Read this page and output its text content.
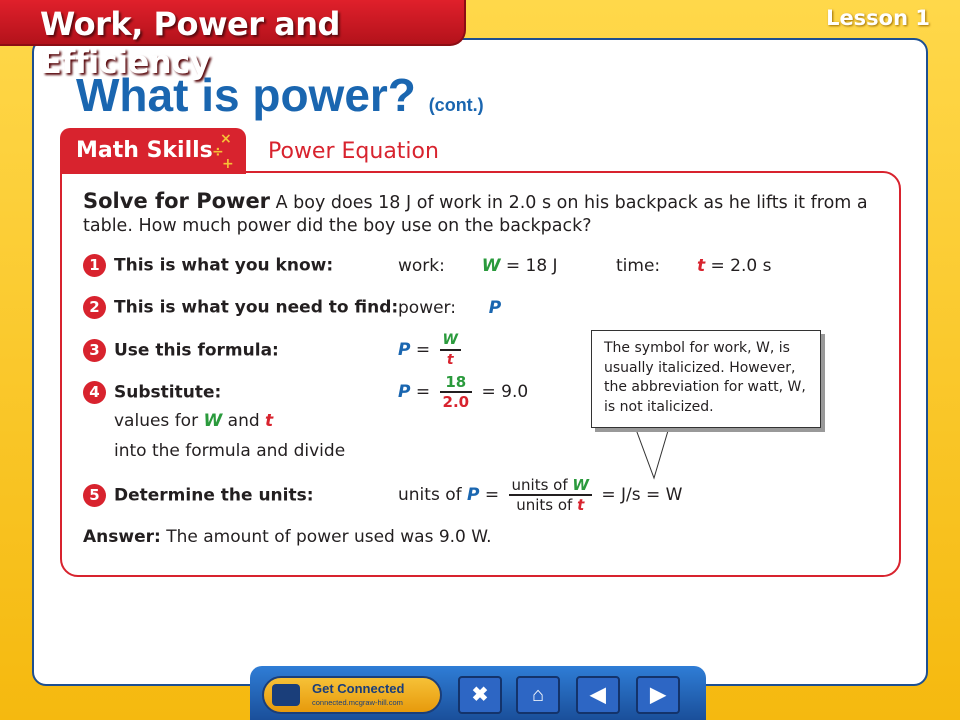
Work, Power and Efficiency
Lesson 1
What is power? (cont.)
Math Skills ×
÷
+ Power Equation
Solve for Power A boy does 18 J of work in 2.0 s on his backpack as he lifts it from a table. How much power did the boy use on the backpack?
1 This is what you know:	work: W = 18 J	time: t = 2.0 s
2 This is what you need to find: power: P
3 Use this formula:	$P = \frac{W}{t}$
4 Substitute:	$P = \frac{18}{2.0} = 9.0$
values for W and t
into the formula and divide
5 Determine the units:	units of $P = \frac{\text{units of W}}{\text{units of t}} = J/s = W$
The symbol for work, W, is usually italicized. However, the abbreviation for watt, W, is not italicized.
Answer: The amount of power used was 9.0 W.
Get Connected
connected.mcgraw-hill.com	✖	⌂	◀	▶
